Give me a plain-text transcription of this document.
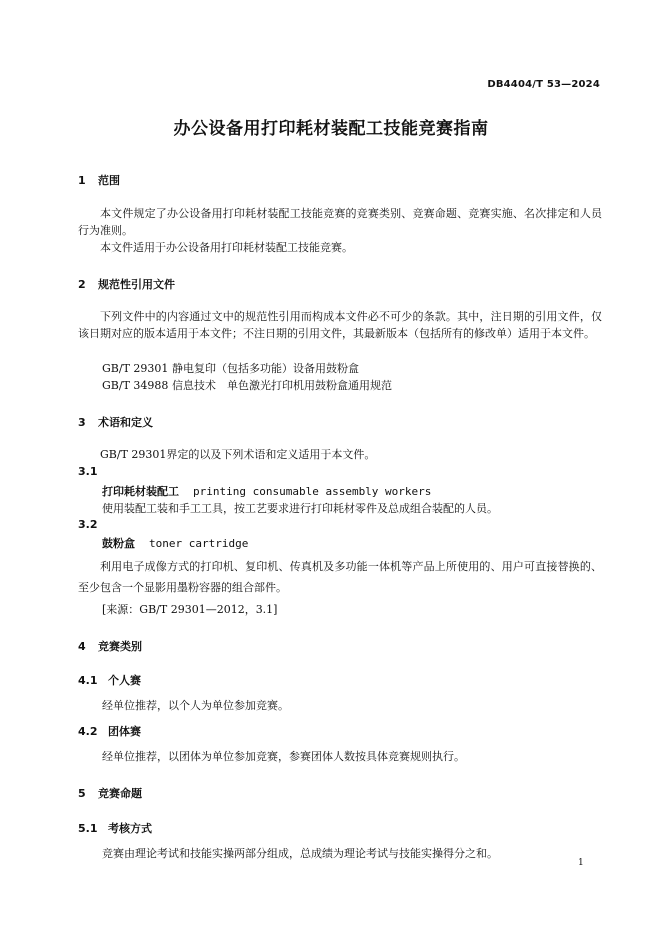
DB4404/T 53—2024
办公设备用打印耗材装配工技能竞赛指南
1 范围
本文件规定了办公设备用打印耗材装配工技能竞赛的竞赛类别、竞赛命题、竞赛实施、名次排定和人员行为准则。
本文件适用于办公设备用打印耗材装配工技能竞赛。
2 规范性引用文件
下列文件中的内容通过文中的规范性引用而构成本文件必不可少的条款。其中，注日期的引用文件，仅该日期对应的版本适用于本文件；不注日期的引用文件，其最新版本（包括所有的修改单）适用于本文件。
GB/T 29301 静电复印（包括多功能）设备用鼓粉盒
GB/T 34988 信息技术　单色激光打印机用鼓粉盒通用规范
3 术语和定义
GB/T 29301界定的以及下列术语和定义适用于本文件。
3.1
打印耗材装配工 printing consumable assembly workers
使用装配工装和手工工具，按工艺要求进行打印耗材零件及总成组合装配的人员。
3.2
鼓粉盒 toner cartridge
利用电子成像方式的打印机、复印机、传真机及多功能一体机等产品上所使用的、用户可直接替换的、至少包含一个显影用墨粉容器的组合部件。
[来源：GB/T 29301—2012，3.1]
4 竞赛类别
4.1 个人赛
经单位推荐，以个人为单位参加竞赛。
4.2 团体赛
经单位推荐，以团体为单位参加竞赛，参赛团体人数按具体竞赛规则执行。
5 竞赛命题
5.1 考核方式
竞赛由理论考试和技能实操两部分组成，总成绩为理论考试与技能实操得分之和。
1
